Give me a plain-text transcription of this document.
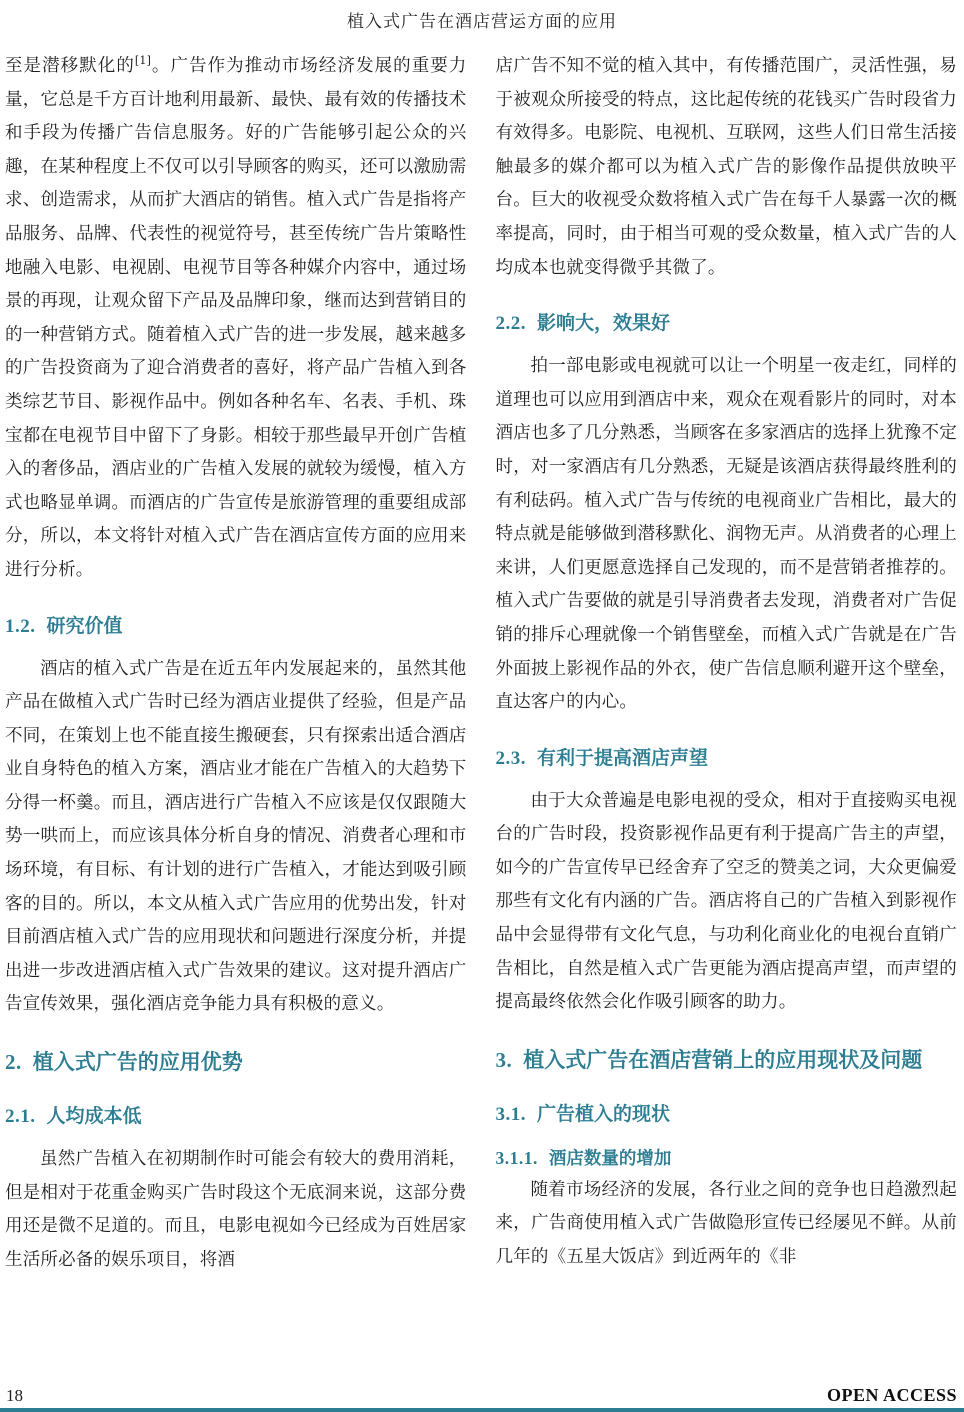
植入式广告在酒店营运方面的应用

至是潜移默化的[1]。广告作为推动市场经济发展的重要力量，它总是千方百计地利用最新、最快、最有效的传播技术和手段为传播广告信息服务。好的广告能够引起公众的兴趣，在某种程度上不仅可以引导顾客的购买，还可以激励需求、创造需求，从而扩大酒店的销售。植入式广告是指将产品服务、品牌、代表性的视觉符号，甚至传统广告片策略性地融入电影、电视剧、电视节目等各种媒介内容中，通过场景的再现，让观众留下产品及品牌印象，继而达到营销目的的一种营销方式。随着植入式广告的进一步发展，越来越多的广告投资商为了迎合消费者的喜好，将产品广告植入到各类综艺节目、影视作品中。例如各种名车、名表、手机、珠宝都在电视节目中留下了身影。相较于那些最早开创广告植入的奢侈品，酒店业的广告植入发展的就较为缓慢，植入方式也略显单调。而酒店的广告宣传是旅游管理的重要组成部分，所以，本文将针对植入式广告在酒店宣传方面的应用来进行分析。

1.2. 研究价值

酒店的植入式广告是在近五年内发展起来的，虽然其他产品在做植入式广告时已经为酒店业提供了经验，但是产品不同，在策划上也不能直接生搬硬套，只有探索出适合酒店业自身特色的植入方案，酒店业才能在广告植入的大趋势下分得一杯羹。而且，酒店进行广告植入不应该是仅仅跟随大势一哄而上，而应该具体分析自身的情况、消费者心理和市场环境，有目标、有计划的进行广告植入，才能达到吸引顾客的目的。所以，本文从植入式广告应用的优势出发，针对目前酒店植入式广告的应用现状和问题进行深度分析，并提出进一步改进酒店植入式广告效果的建议。这对提升酒店广告宣传效果，强化酒店竞争能力具有积极的意义。

2. 植入式广告的应用优势
2.1. 人均成本低

虽然广告植入在初期制作时可能会有较大的费用消耗，但是相对于花重金购买广告时段这个无底洞来说，这部分费用还是微不足道的。而且，电影电视如今已经成为百姓居家生活所必备的娱乐项目，将酒

店广告不知不觉的植入其中，有传播范围广，灵活性强，易于被观众所接受的特点，这比起传统的花钱买广告时段省力有效得多。电影院、电视机、互联网，这些人们日常生活接触最多的媒介都可以为植入式广告的影像作品提供放映平台。巨大的收视受众数将植入式广告在每千人暴露一次的概率提高，同时，由于相当可观的受众数量，植入式广告的人均成本也就变得微乎其微了。

2.2. 影响大，效果好

拍一部电影或电视就可以让一个明星一夜走红，同样的道理也可以应用到酒店中来，观众在观看影片的同时，对本酒店也多了几分熟悉，当顾客在多家酒店的选择上犹豫不定时，对一家酒店有几分熟悉，无疑是该酒店获得最终胜利的有利砝码。植入式广告与传统的电视商业广告相比，最大的特点就是能够做到潜移默化、润物无声。从消费者的心理上来讲，人们更愿意选择自己发现的，而不是营销者推荐的。植入式广告要做的就是引导消费者去发现，消费者对广告促销的排斥心理就像一个销售壁垒，而植入式广告就是在广告外面披上影视作品的外衣，使广告信息顺利避开这个壁垒，直达客户的内心。

2.3. 有利于提高酒店声望

由于大众普遍是电影电视的受众，相对于直接购买电视台的广告时段，投资影视作品更有利于提高广告主的声望，如今的广告宣传早已经舍弃了空乏的赞美之词，大众更偏爱那些有文化有内涵的广告。酒店将自己的广告植入到影视作品中会显得带有文化气息，与功利化商业化的电视台直销广告相比，自然是植入式广告更能为酒店提高声望，而声望的提高最终依然会化作吸引顾客的助力。

3. 植入式广告在酒店营销上的应用现状及问题
3.1. 广告植入的现状
3.1.1. 酒店数量的增加

随着市场经济的发展，各行业之间的竞争也日趋激烈起来，广告商使用植入式广告做隐形宣传已经屡见不鲜。从前几年的《五星大饭店》到近两年的《非

18	OPEN ACCESS
